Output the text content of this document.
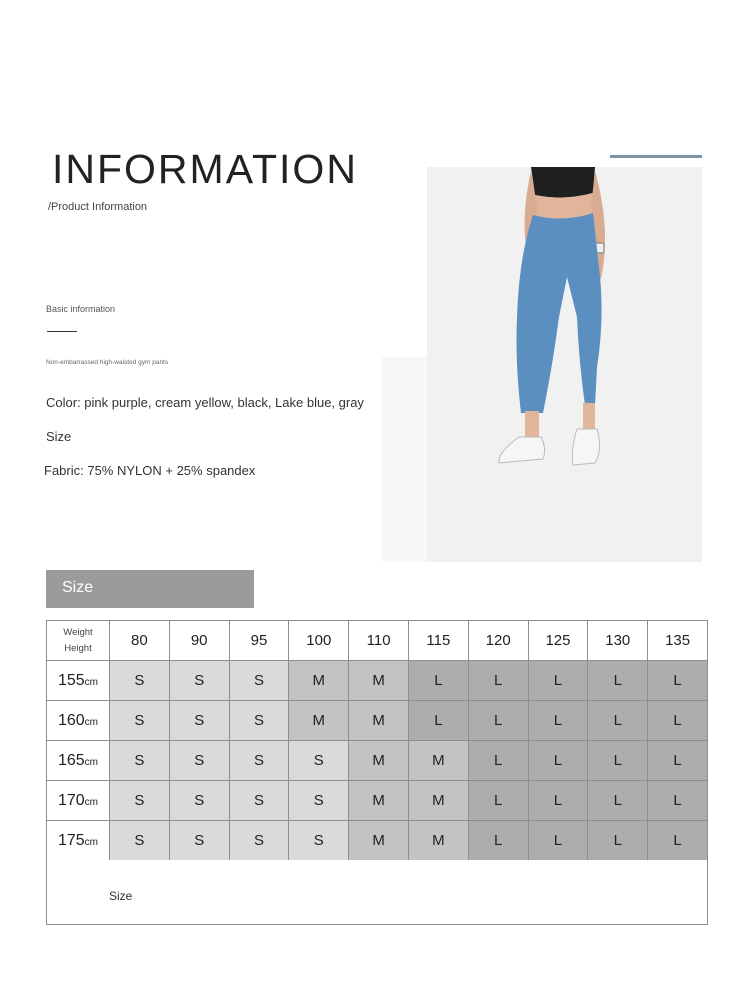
INFORMATION
/Product Information
Basic information
Non-embarrassed high-waisted gym pants
Color: pink purple, cream yellow, black, Lake blue, gray
Size
Fabric: 75% NYLON + 25% spandex
Size
Weight
Height	80	90	95	100	110	115	120	125	130	135
155cm	S	S	S	M	M	L	L	L	L	L
160cm	S	S	S	M	M	L	L	L	L	L
165cm	S	S	S	S	M	M	L	L	L	L
170cm	S	S	S	S	M	M	L	L	L	L
175cm	S	S	S	S	M	M	L	L	L	L
Size
